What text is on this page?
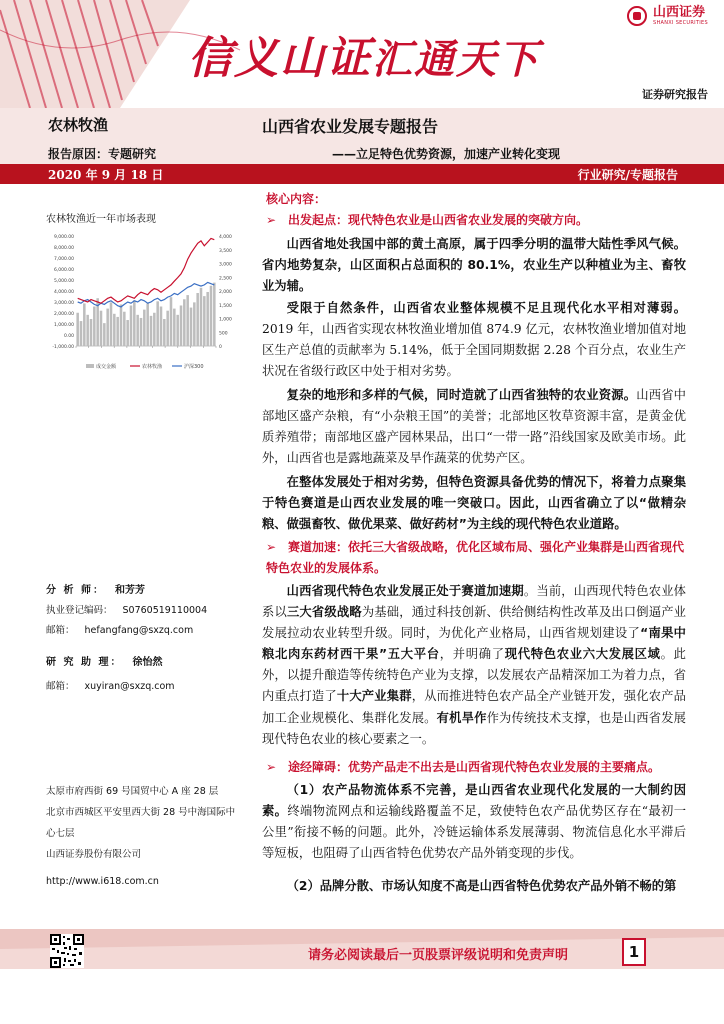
信义山证汇通天下
山西证券
SHANXI SECURITIES
证券研究报告
农林牧渔	山西省农业发展专题报告
报告原因：专题研究	——立足特色优势资源，加速产业转化变现
2020 年 9 月 18 日	行业研究/专题报告
农林牧渔近一年市场表现
9,000.00
8,000.00
7,000.00
6,000.00
5,000.00
4,000.00
3,000.00
2,000.00
1,000.00
0.00
-1,000.00
4,000
3,500
3,000
2,500
2,000
1,500
1,000
500
0
成交金额	农林牧渔	沪深300
分 析 师： 和芳芳
执业登记编码： S0760519110004
邮箱： hefangfang@sxzq.com
研 究 助 理： 徐怡然
邮箱： xuyiran@sxzq.com
太原市府西街 69 号国贸中心 A 座 28 层
北京市西城区平安里西大街 28 号中海国际中心七层
山西证券股份有限公司
http://www.i618.com.cn
核心内容：
➢ 出发起点：现代特色农业是山西省农业发展的突破方向。
山西省地处我国中部的黄土高原，属于四季分明的温带大陆性季风气候。省内地势复杂，山区面积占总面积的 80.1%，农业生产以种植业为主、畜牧业为辅。
受限于自然条件，山西省农业整体规模不足且现代化水平相对薄弱。2019 年，山西省实现农林牧渔业增加值 874.9 亿元，农林牧渔业增加值对地区生产总值的贡献率为 5.14%，低于全国同期数据 2.28 个百分点，农业生产状况在省级行政区中处于相对劣势。
复杂的地形和多样的气候，同时造就了山西省独特的农业资源。山西省中部地区盛产杂粮，有“小杂粮王国”的美誉；北部地区牧草资源丰富，是黄金优质养殖带；南部地区盛产园林果品，出口“一带一路”沿线国家及欧美市场。此外，山西省也是露地蔬菜及旱作蔬菜的优势产区。
在整体发展处于相对劣势，但特色资源具备优势的情况下，将着力点聚集于特色赛道是山西农业发展的唯一突破口。因此，山西省确立了以“做精杂粮、做强畜牧、做优果菜、做好药材”为主线的现代特色农业道路。
➢ 赛道加速：依托三大省级战略，优化区域布局、强化产业集群是山西省现代特色农业的发展体系。
山西省现代特色农业发展正处于赛道加速期。当前，山西现代特色农业体系以三大省级战略为基础，通过科技创新、供给侧结构性改革及出口倒逼产业发展拉动农业转型升级。同时，为优化产业格局，山西省规划建设了“南果中粮北肉东药材西干果”五大平台，并明确了现代特色农业六大发展区域。此外，以提升酿造等传统特色产业为支撑，以发展农产品精深加工为着力点，省内重点打造了十大产业集群，从而推进特色农产品全产业链开发，强化农产品加工企业规模化、集群化发展。有机旱作作为传统技术支撑，也是山西省发展现代特色农业的核心要素之一。
➢ 途经障碍：优势产品走不出去是山西省现代特色农业发展的主要痛点。
（1）农产品物流体系不完善，是山西省农业现代化发展的一大制约因素。终端物流网点和运输线路覆盖不足，致使特色农产品优势区存在“最初一公里”衔接不畅的问题。此外，冷链运输体系发展薄弱、物流信息化水平滞后等短板，也阻碍了山西省特色优势农产品外销变现的步伐。
（2）品牌分散、市场认知度不高是山西省特色优势农产品外销不畅的第
请务必阅读最后一页股票评级说明和免责声明	1
